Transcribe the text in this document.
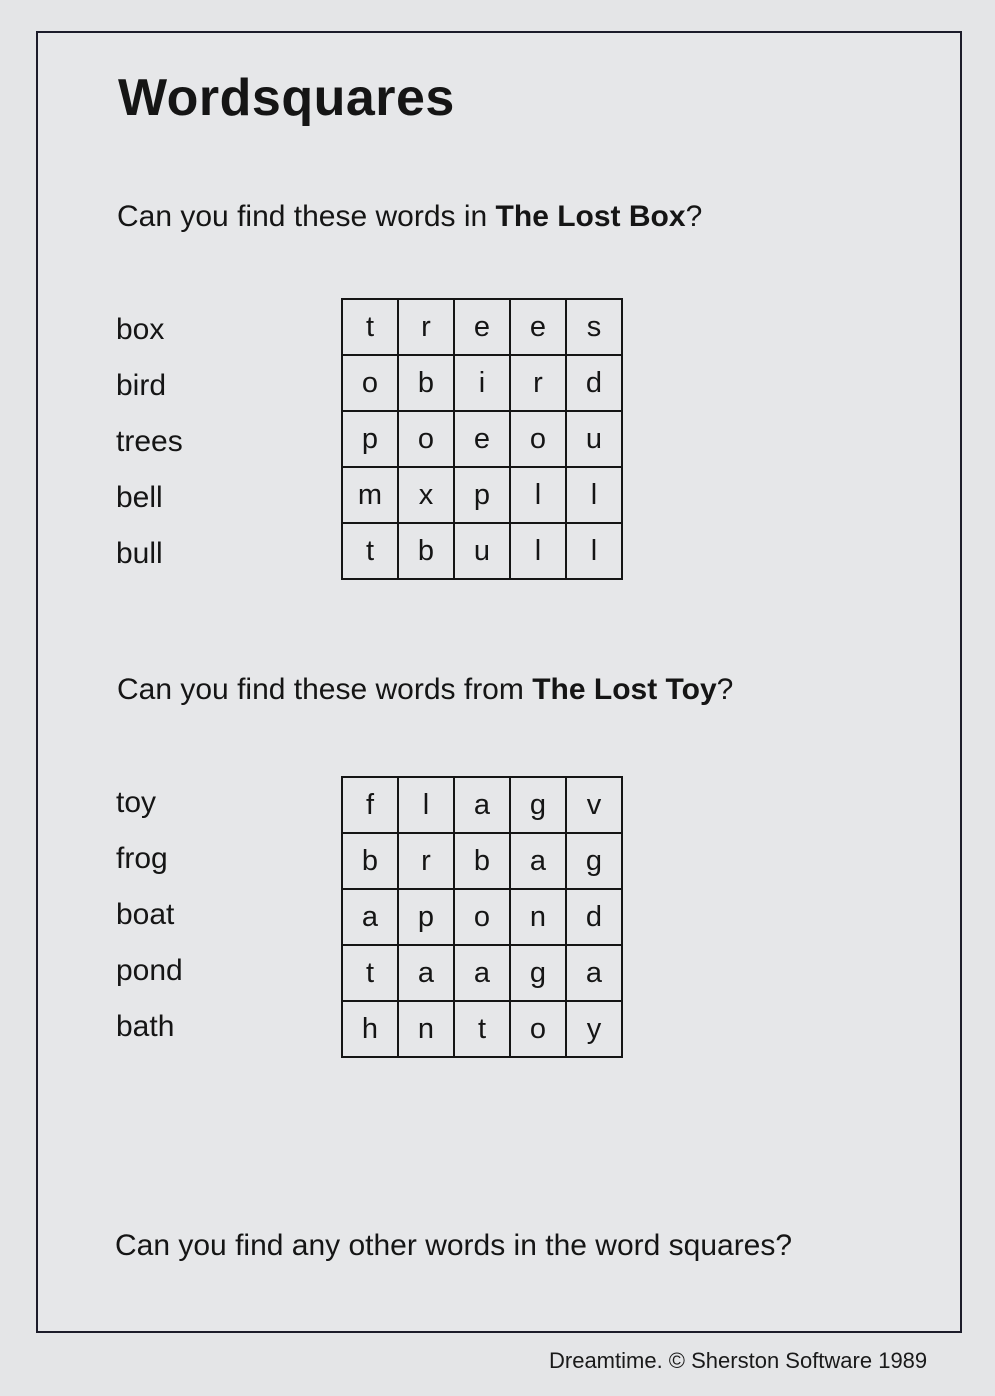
Wordsquares

Can you find these words in The Lost Box?

box
bird
trees
bell
bull
t	r	e	e	s
o	b	i	r	d
p	o	e	o	u
m	x	p	l	l
t	b	u	l	l

Can you find these words from The Lost Toy?

toy
frog
boat
pond
bath
f	l	a	g	v
b	r	b	a	g
a	p	o	n	d
t	a	a	g	a
h	n	t	o	y

Can you find any other words in the word squares?

Dreamtime. © Sherston Software 1989
